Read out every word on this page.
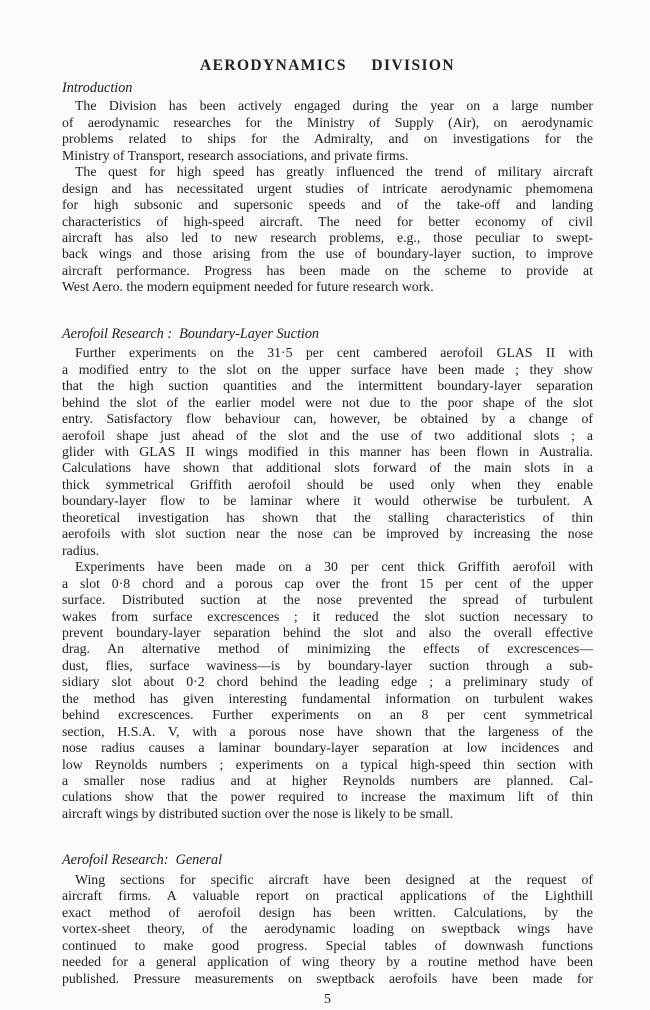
AERODYNAMICS  DIVISION
Introduction
The Division has been actively engaged during the year on a large number
of aerodynamic researches for the Ministry of Supply (Air), on aerodynamic
problems related to ships for the Admiralty, and on investigations for the
Ministry of Transport, research associations, and private firms.
The quest for high speed has greatly influenced the trend of military aircraft
design and has necessitated urgent studies of intricate aerodynamic phemomena
for high subsonic and supersonic speeds and of the take-off and landing
characteristics of high-speed aircraft. The need for better economy of civil
aircraft has also led to new research problems, e.g., those peculiar to swept-
back wings and those arising from the use of boundary-layer suction, to improve
aircraft performance. Progress has been made on the scheme to provide at
West Aero. the modern equipment needed for future research work.
Aerofoil Research :  Boundary-Layer Suction
Further experiments on the 31·5 per cent cambered aerofoil GLAS II with
a modified entry to the slot on the upper surface have been made ; they show
that the high suction quantities and the intermittent boundary-layer separation
behind the slot of the earlier model were not due to the poor shape of the slot
entry. Satisfactory flow behaviour can, however, be obtained by a change of
aerofoil shape just ahead of the slot and the use of two additional slots ; a
glider with GLAS II wings modified in this manner has been flown in Australia.
Calculations have shown that additional slots forward of the main slots in a
thick symmetrical Griffith aerofoil should be used only when they enable
boundary-layer flow to be laminar where it would otherwise be turbulent. A
theoretical investigation has shown that the stalling characteristics of thin
aerofoils with slot suction near the nose can be improved by increasing the nose
radius.
Experiments have been made on a 30 per cent thick Griffith aerofoil with
a slot 0·8 chord and a porous cap over the front 15 per cent of the upper
surface. Distributed suction at the nose prevented the spread of turbulent
wakes from surface excrescences ; it reduced the slot suction necessary to
prevent boundary-layer separation behind the slot and also the overall effective
drag. An alternative method of minimizing the effects of excrescences—
dust, flies, surface waviness—is by boundary-layer suction through a sub-
sidiary slot about 0·2 chord behind the leading edge ; a preliminary study of
the method has given interesting fundamental information on turbulent wakes
behind excrescences. Further experiments on an 8 per cent symmetrical
section, H.S.A. V, with a porous nose have shown that the largeness of the
nose radius causes a laminar boundary-layer separation at low incidences and
low Reynolds numbers ; experiments on a typical high-speed thin section with
a smaller nose radius and at higher Reynolds numbers are planned. Cal-
culations show that the power required to increase the maximum lift of thin
aircraft wings by distributed suction over the nose is likely to be small.
Aerofoil Research:  General
Wing sections for specific aircraft have been designed at the request of
aircraft firms. A valuable report on practical applications of the Lighthill
exact method of aerofoil design has been written. Calculations, by the
vortex-sheet theory, of the aerodynamic loading on sweptback wings have
continued to make good progress. Special tables of downwash functions
needed for a general application of wing theory by a routine method have been
published. Pressure measurements on sweptback aerofoils have been made for
5
